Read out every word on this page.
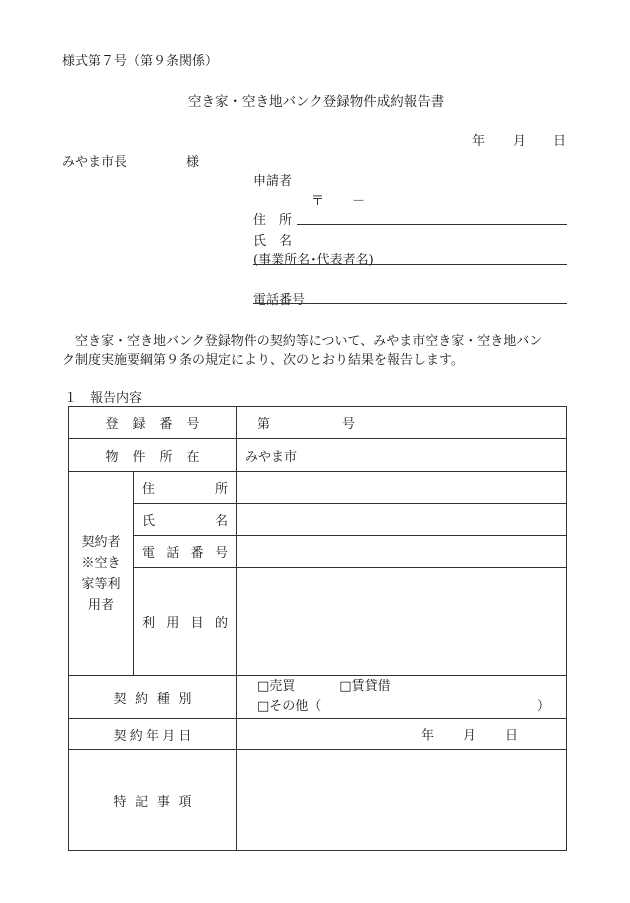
様式第７号（第９条関係）
空き家・空き地バンク登録物件成約報告書
年 月 日
みやま市長	様
申請者
〒 －
住　所
氏　名
(事業所名･代表者名)
電話番号
　空き家・空き地バンク登録物件の契約等について、みやま市空き家・空き地バン
ク制度実施要綱第９条の規定により、次のとおり結果を報告します。
１　報告内容
登録番号		第 号

物件所在		みやま市

契約者
※空き
家等利
用者	住所	

	氏名	

	電話番号	

	利用目的	

契約種別		□売買 □賃貸借
□その他（ ）

契約年月日		年 月 日

特記事項		
